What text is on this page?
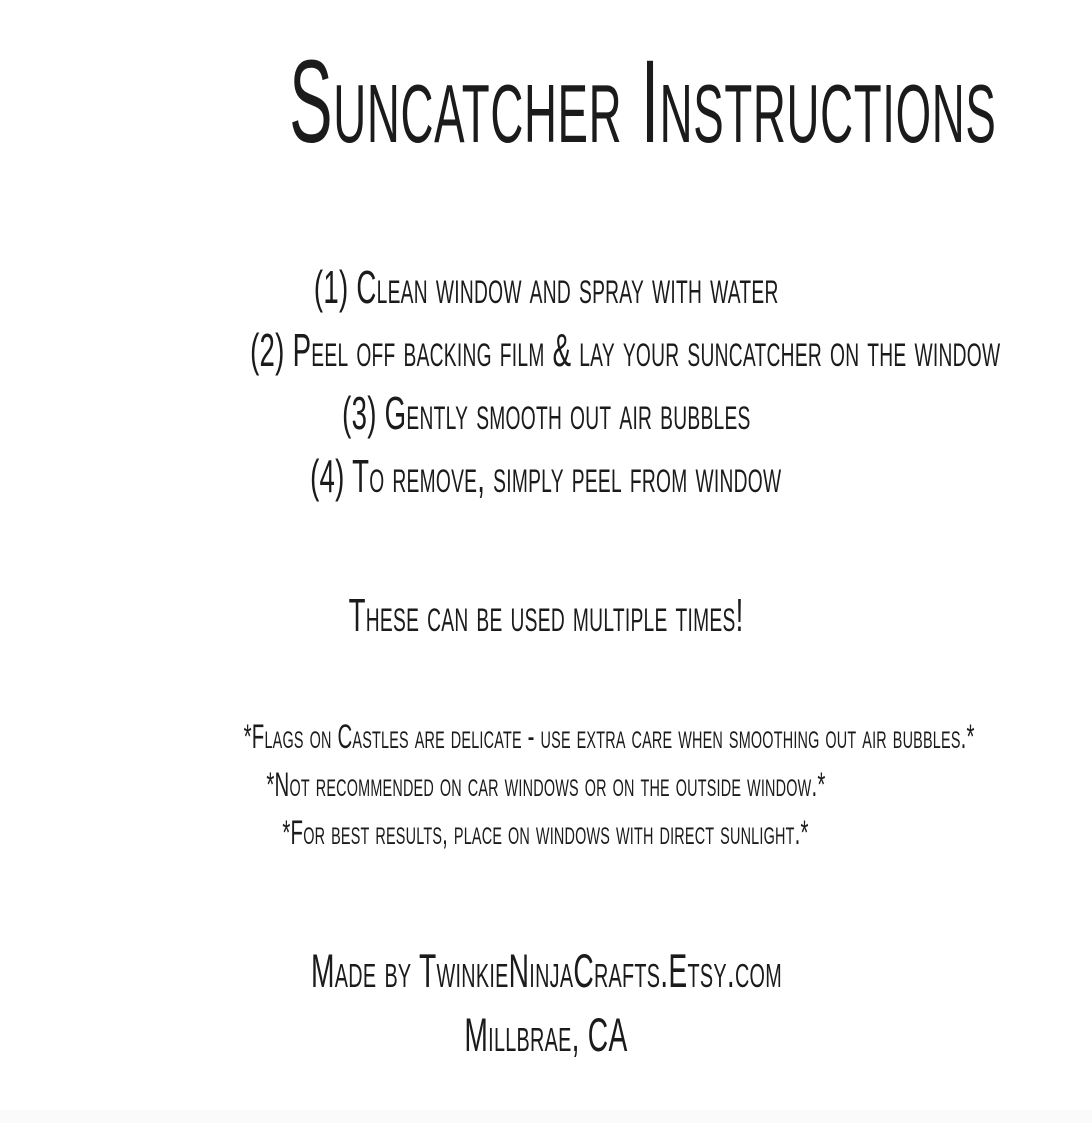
Suncatcher Instructions
(1) Clean window and spray with water
(2) Peel off backing film & lay your suncatcher on the window
(3) Gently smooth out air bubbles
(4) To remove, simply peel from window
These can be used multiple times!
*Flags on Castles are delicate - use extra care when smoothing out air bubbles.*
*Not recommended on car windows or on the outside window.*
*For best results, place on windows with direct sunlight.*
Made by TwinkieNinjaCrafts.Etsy.com
Millbrae, CA
